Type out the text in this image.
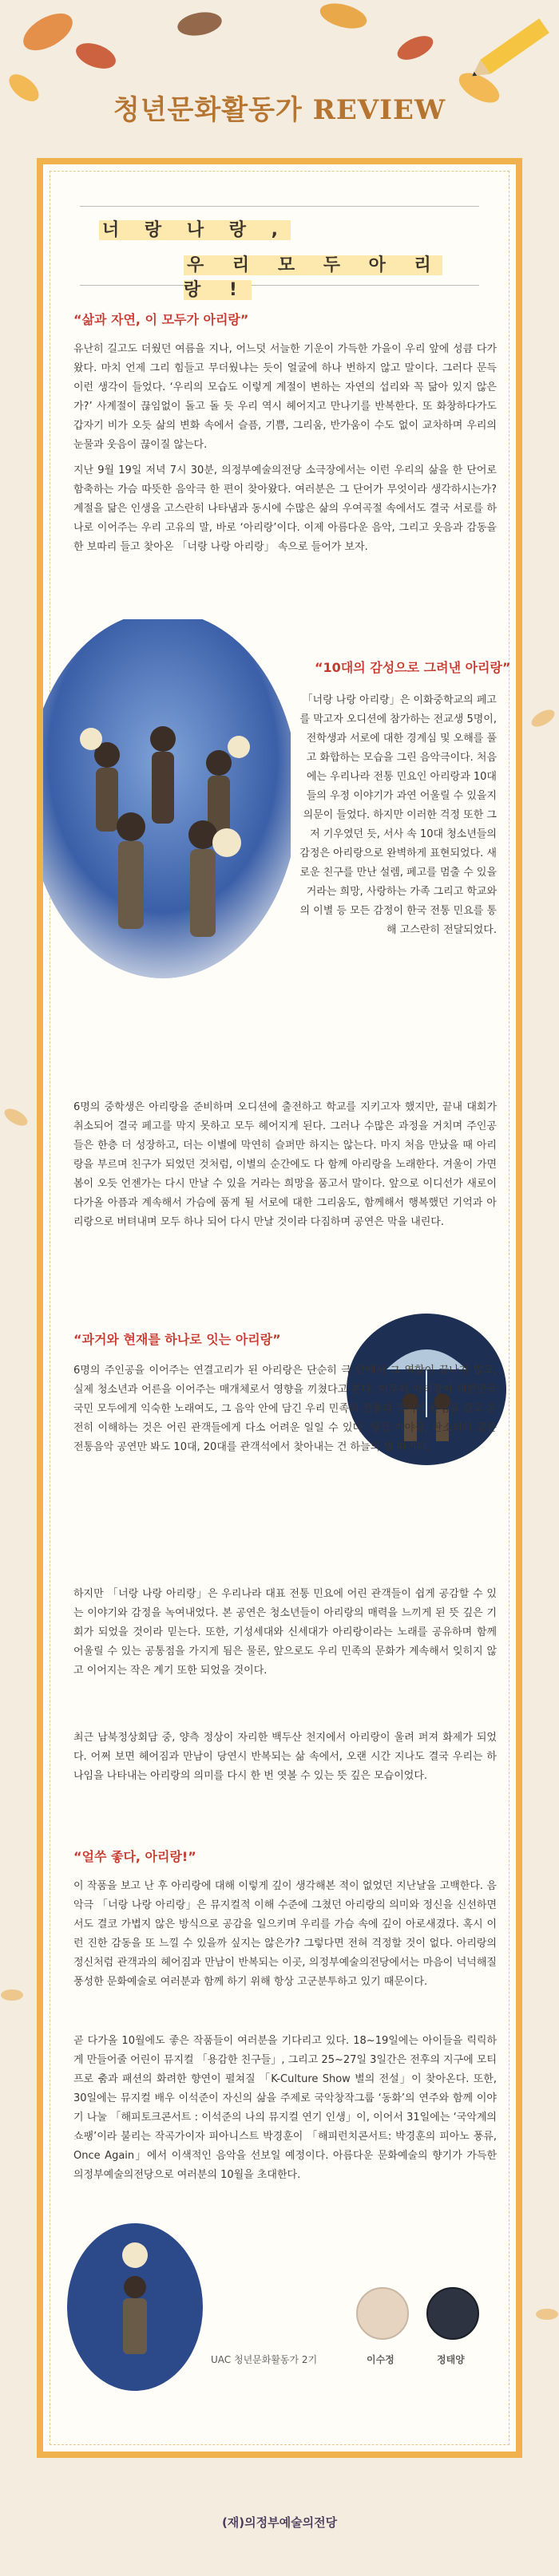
청년문화활동가 REVIEW
너 랑 나 랑 ,
우 리 모 두 아 리 랑 !
“삶과 자연, 이 모두가 아리랑”
유난히 길고도 더웠던 여름을 지나, 어느덧 서늘한 기운이 가득한 가을이 우리 앞에 성큼 다가왔다. 마치 언제 그리 힘들고 무더웠냐는 듯이 얼굴에 하나 번하지 않고 말이다. 그러다 문득 이런 생각이 들었다. ‘우리의 모습도 이렇게 계절이 변하는 자연의 섭리와 꼭 닮아 있지 않은가?’ 사계절이 끊임없이 돌고 돌 듯 우리 역시 헤어지고 만나기를 반복한다. 또 화창하다가도 갑자기 비가 오듯 삶의 변화 속에서 슬픔, 기쁨, 그리움, 반가움이 수도 없이 교차하며 우리의 눈물과 웃음이 끊이질 않는다.
지난 9월 19일 저녁 7시 30분, 의정부예술의전당 소극장에서는 이런 우리의 삶을 한 단어로 함축하는 가슴 따뜻한 음악극 한 편이 찾아왔다. 여러분은 그 단어가 무엇이라 생각하시는가? 계절을 닮은 인생을 고스란히 나타냄과 동시에 수많은 삶의 우여곡절 속에서도 결국 서로를 하나로 이어주는 우리 고유의 말, 바로 ‘아리랑’이다. 이제 아름다운 음악, 그리고 웃음과 감동을 한 보따리 들고 찾아온 「너랑 나랑 아리랑」 속으로 들어가 보자.
“10대의 감성으로 그려낸 아리랑”
「너랑 나랑 아리랑」은 이화중학교의 페고를 막고자 오디션에 참가하는 전교생 5명이, 전학생과 서로에 대한 경계심 및 오해를 풀고 화합하는 모습을 그린 음악극이다. 처음에는 우리나라 전통 민요인 아리랑과 10대들의 우정 이야기가 과연 어울릴 수 있을지 의문이 들었다. 하지만 이러한 걱정 또한 그저 기우였던 듯, 서사 속 10대 청소년들의 감정은 아리랑으로 완벽하게 표현되었다. 새로운 친구를 만난 설렘, 페고를 멈출 수 있을 거라는 희망, 사랑하는 가족 그리고 학교와의 이별 등 모든 감정이 한국 전통 민요를 통해 고스란히 전달되었다.
6명의 중학생은 아리랑을 준비하며 오디션에 출전하고 학교를 지키고자 했지만, 끝내 대회가 취소되어 결국 페고를 막지 못하고 모두 헤어지게 된다. 그러나 수많은 과정을 거치며 주인공들은 한층 더 성장하고, 더는 이별에 막연히 슬퍼만 하지는 않는다. 마지 처음 만났을 때 아리랑을 부르며 친구가 되었던 것처럼, 이별의 순간에도 다 함께 아리랑을 노래한다. 겨울이 가면 봄이 오듯 언젠가는 다시 만날 수 있을 거라는 희망을 품고서 말이다. 앞으로 이디선가 새로이 다가올 아픔과 계속해서 가슴에 품게 될 서로에 대한 그리움도, 함께해서 행복했던 기억과 아리랑으로 버텨내며 모두 하나 되어 다시 만날 것이라 다짐하며 공연은 막을 내린다.
“과거와 현재를 하나로 잇는 아리랑”
6명의 주인공을 이어주는 연결고리가 된 아리랑은 단순히 극 안에서 그 역할이 끝나지 않고, 실제 청소년과 어른을 이어주는 매개체로서 영향을 끼쳤다고 본다. 아무리 아리랑이 대한민국 국민 모두에게 익숙한 노래여도, 그 음악 안에 담긴 우리 민족의 전통과 정서에 관심을 갖고 온전히 이해하는 것은 어린 관객들에게 다소 어려운 일일 수 있다. 당장 가야금, 판소리와 같은 전통음악 공연만 봐도 10대, 20대를 관객석에서 찾아내는 건 하늘의 별 따기다.
하지만 「너랑 나랑 아리랑」은 우리나라 대표 전통 민요에 어린 관객들이 쉽게 공감할 수 있는 이야기와 감정을 녹여내었다. 본 공연은 청소년들이 아리랑의 매력을 느끼게 된 뜻 깊은 기회가 되었을 것이라 믿는다. 또한, 기성세대와 신세대가 아리랑이라는 노래를 공유하며 함께 어울릴 수 있는 공통점을 가지게 됨은 물론, 앞으로도 우리 민족의 문화가 계속해서 잊히지 않고 이어지는 작은 계기 또한 되었을 것이다.
최근 남북정상회담 중, 양측 정상이 자리한 백두산 천지에서 아리랑이 울려 퍼져 화제가 되었다. 어쩌 보면 헤어짐과 만남이 당연시 반복되는 삶 속에서, 오랜 시간 지나도 결국 우리는 하나임을 나타내는 아리랑의 의미를 다시 한 번 엿볼 수 있는 뜻 깊은 모습이었다.
“얼쑤 좋다, 아리랑!”
이 작품을 보고 난 후 아리랑에 대해 이렇게 깊이 생각해본 적이 없었던 지난날을 고백한다. 음악극 「너랑 나랑 아리랑」은 뮤지컬적 이해 수준에 그쳤던 아리랑의 의미와 정신을 신선하면서도 결코 가볍지 않은 방식으로 공감을 일으키며 우리를 가슴 속에 깊이 아로새겼다. 혹시 이런 진한 감동을 또 느낄 수 있을까 싶지는 않은가? 그렇다면 전혀 걱정할 것이 없다. 아리랑의 정신처럼 관객과의 헤어짐과 만남이 반복되는 이곳, 의정부예술의전당에서는 마음이 넉넉해질 풍성한 문화예술로 여러분과 함께 하기 위해 항상 고군분투하고 있기 때문이다.
곧 다가올 10월에도 좋은 작품들이 여러분을 기다리고 있다. 18~19일에는 아이들을 릭릭하게 만들어줄 어린이 뮤지컬 「용감한 친구들」, 그리고 25~27일 3일간은 전후의 지구에 모티프로 춤과 패션의 화려한 향연이 펼쳐질 「K-Culture Show 별의 전설」이 찾아온다. 또한, 30일에는 뮤지컬 배우 이석준이 자신의 삶을 주제로 국악창작그룹 ‘동화’의 연주와 함께 이야기 나눌 「해피토크콘서트 : 이석준의 나의 뮤지컬 연기 인생」이, 이어서 31일에는 ‘국악계의 쇼팽’이라 불리는 작곡가이자 피아니스트 박경훈이 「해피런치콘서트: 박경훈의 피아노 풍류, Once Again」에서 이색적인 음악을 선보일 예정이다. 아름다운 문화예술의 향기가 가득한 의정부예술의전당으로 여러분의 10월을 초대한다.
UAC 청년문화활동가 2기	이수정	정태양
(재)의정부예술의전당
